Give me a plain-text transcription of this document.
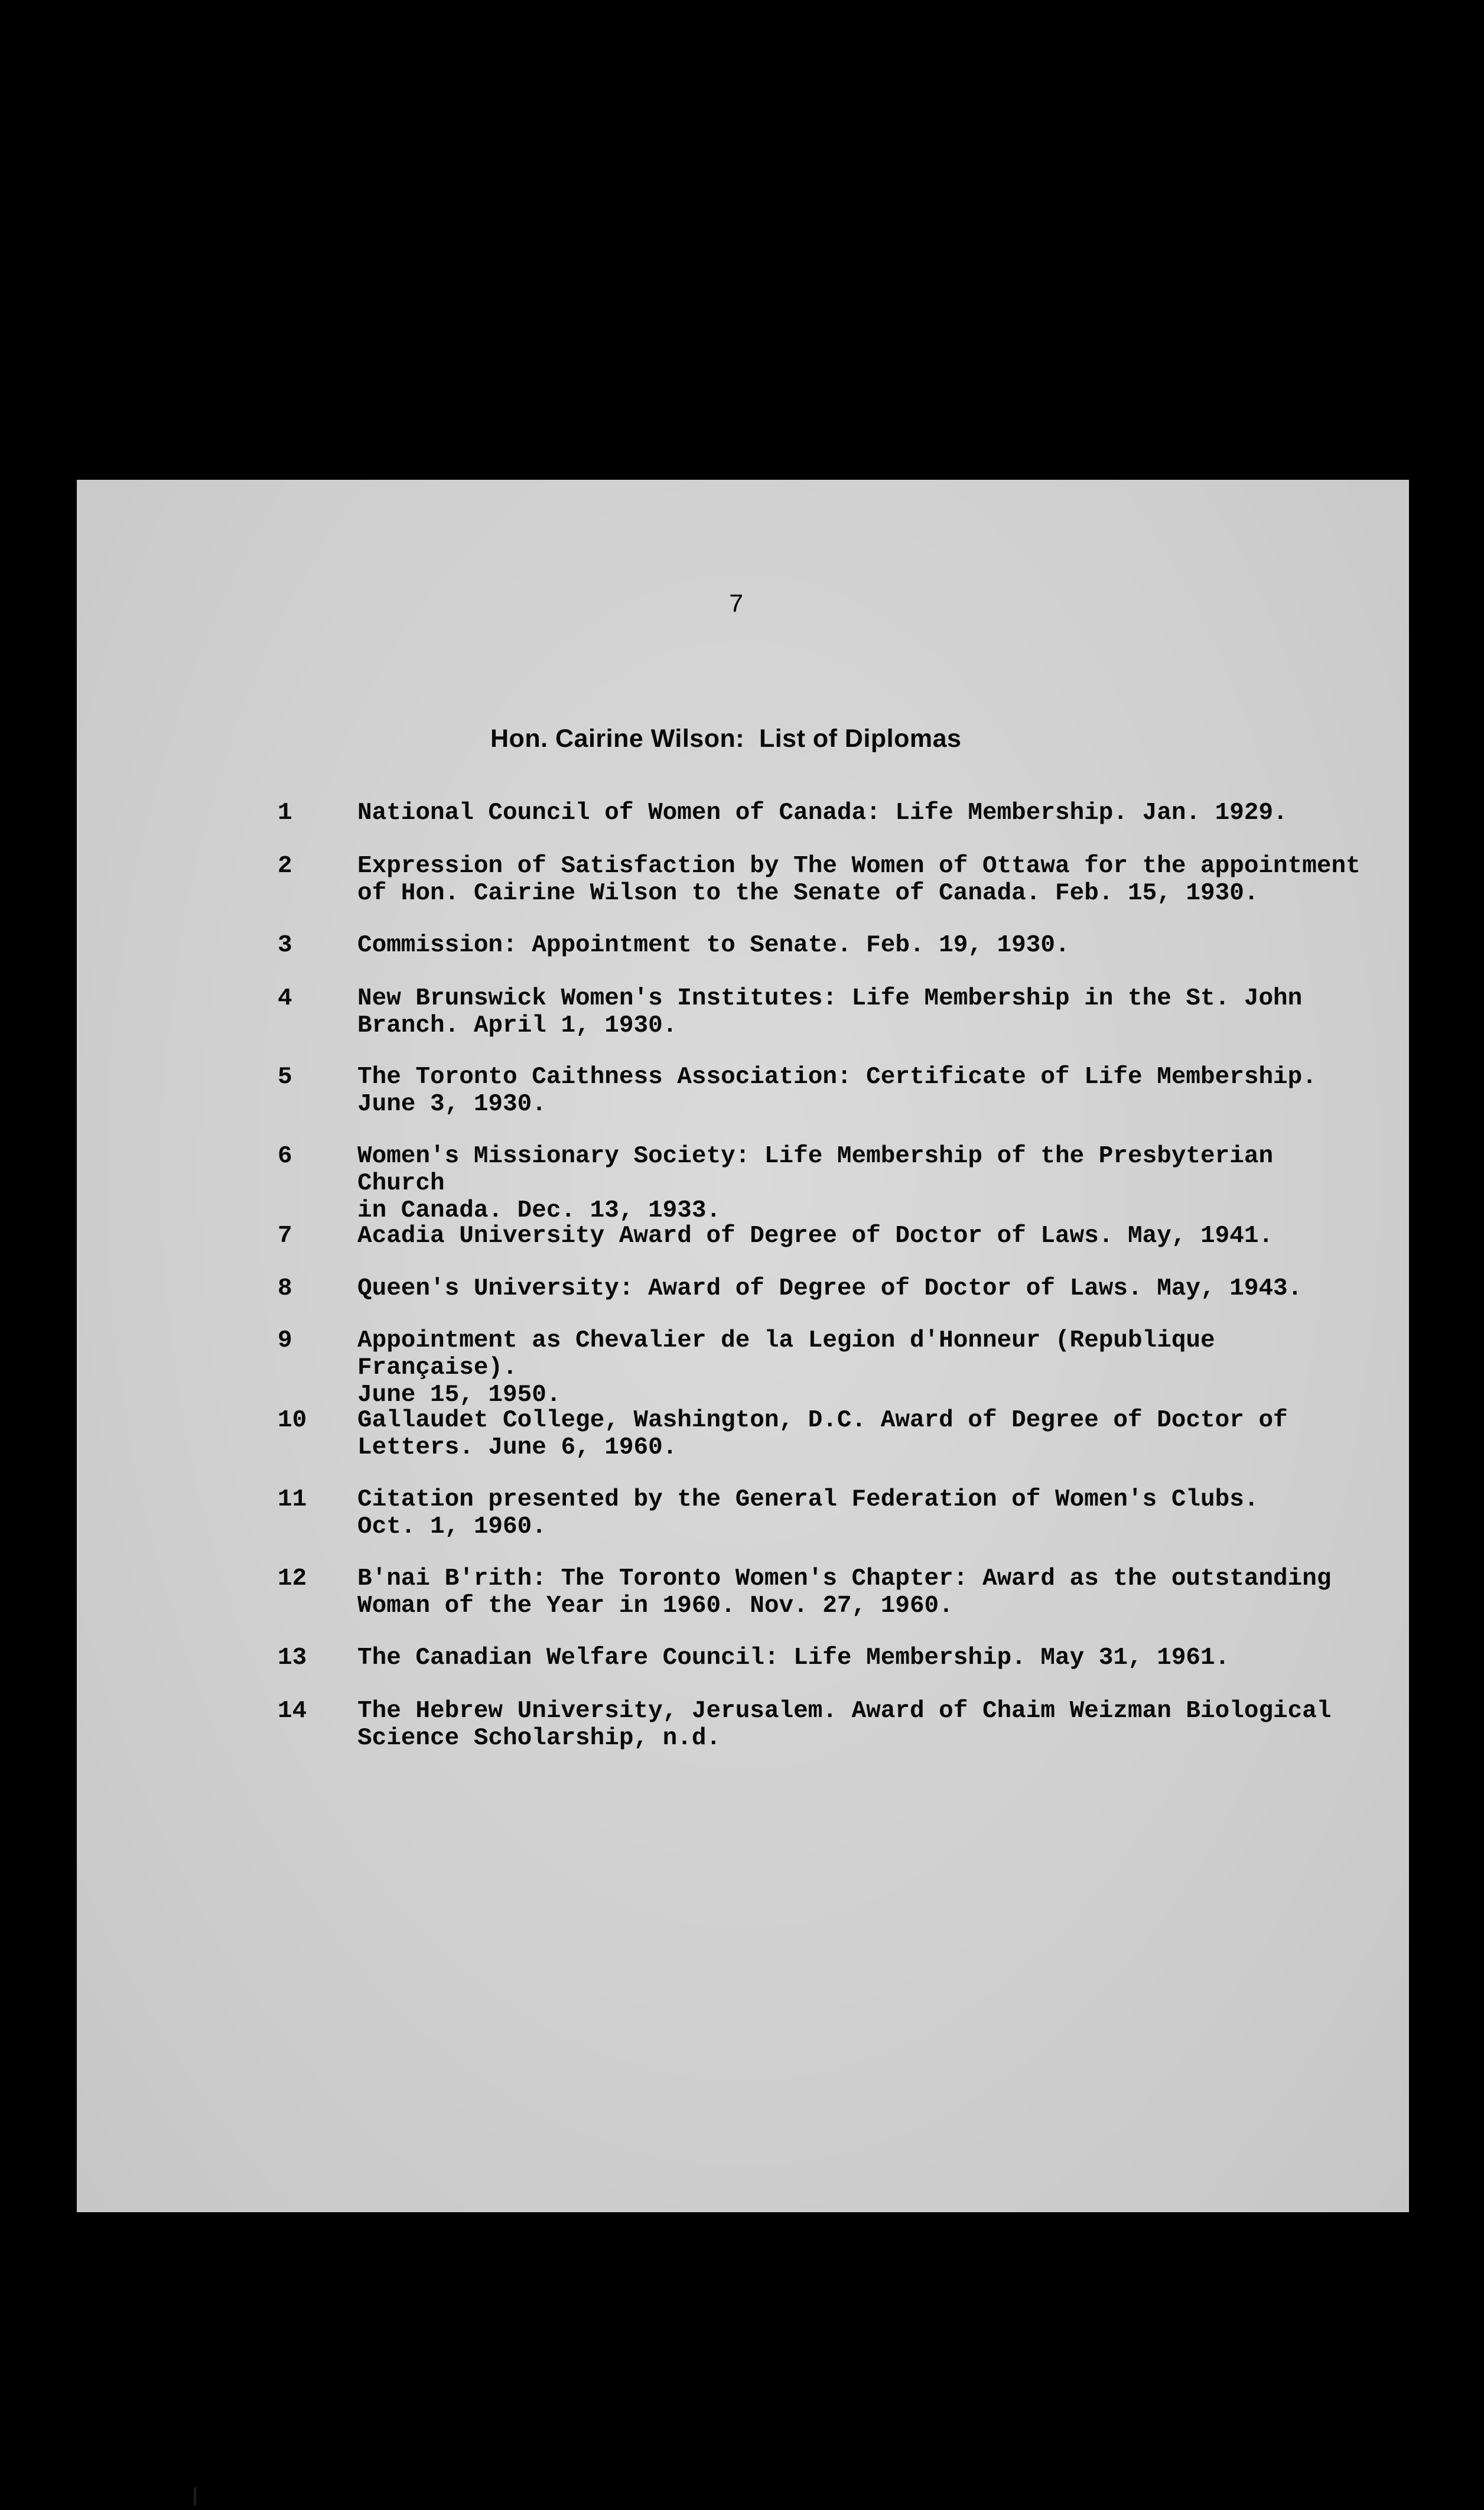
7
Hon. Cairine Wilson:  List of Diplomas
1	National Council of Women of Canada: Life Membership. Jan. 1929.
2	Expression of Satisfaction by The Women of Ottawa for the appointment
of Hon. Cairine Wilson to the Senate of Canada. Feb. 15, 1930.
3	Commission: Appointment to Senate. Feb. 19, 1930.
4	New Brunswick Women's Institutes: Life Membership in the St. John
Branch. April 1, 1930.
5	The Toronto Caithness Association: Certificate of Life Membership.
June 3, 1930.
6	Women's Missionary Society: Life Membership of the Presbyterian Church
in Canada. Dec. 13, 1933.
7	Acadia University Award of Degree of Doctor of Laws. May, 1941.
8	Queen's University: Award of Degree of Doctor of Laws. May, 1943.
9	Appointment as Chevalier de la Legion d'Honneur (Republique Française).
June 15, 1950.
10	Gallaudet College, Washington, D.C. Award of Degree of Doctor of
Letters. June 6, 1960.
11	Citation presented by the General Federation of Women's Clubs.
Oct. 1, 1960.
12	B'nai B'rith: The Toronto Women's Chapter: Award as the outstanding
Woman of the Year in 1960. Nov. 27, 1960.
13	The Canadian Welfare Council: Life Membership. May 31, 1961.
14	The Hebrew University, Jerusalem. Award of Chaim Weizman Biological
Science Scholarship, n.d.
